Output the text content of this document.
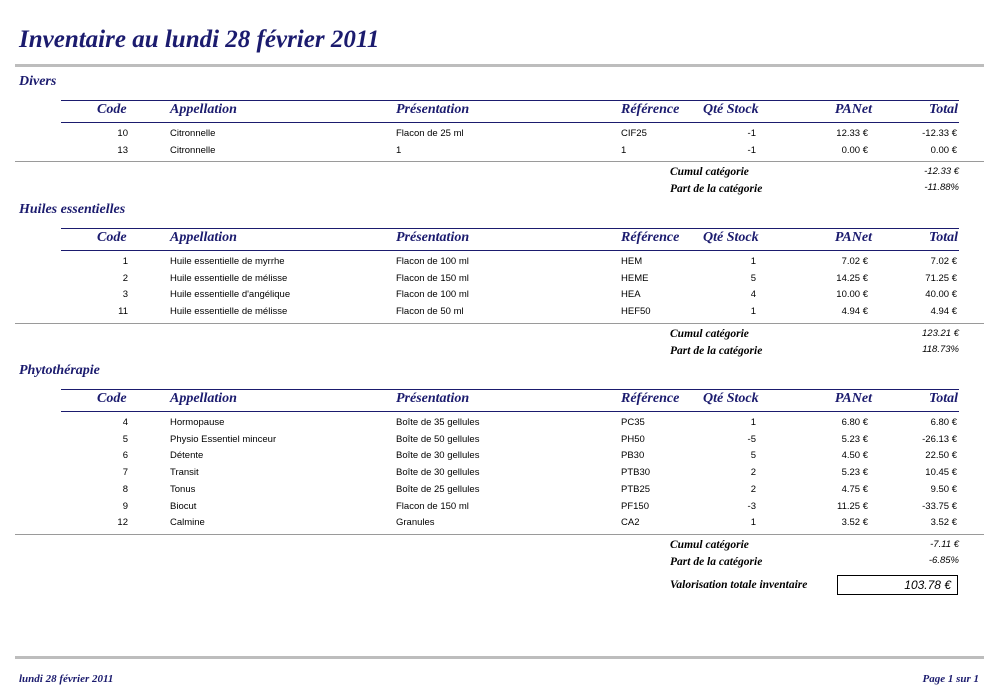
Inventaire au lundi 28 février 2011
Divers
Code	Appellation	Présentation	Référence Qté Stock	PANet	Total
10	Citronnelle	Flacon de 25 ml	CIF25	-1	12.33 €	-12.33 €
13	Citronnelle	1	1	-1	0.00 €	0.00 €
Cumul catégorie	-12.33 €
Part de la catégorie	-11.88%
Huiles essentielles
Code	Appellation	Présentation	Référence Qté Stock	PANet	Total
1	Huile essentielle de myrrhe	Flacon de 100 ml	HEM	1	7.02 €	7.02 €
2	Huile essentielle de mélisse	Flacon de 150 ml	HEME	5	14.25 €	71.25 €
3	Huile essentielle d'angélique	Flacon de 100 ml	HEA	4	10.00 €	40.00 €
11	Huile essentielle de mélisse	Flacon de 50 ml	HEF50	1	4.94 €	4.94 €
Cumul catégorie	123.21 €
Part de la catégorie	118.73%
Phytothérapie
Code	Appellation	Présentation	Référence Qté Stock	PANet	Total
4	Hormopause	Boîte de 35 gellules	PC35	1	6.80 €	6.80 €
5	Physio Essentiel minceur	Boîte de 50 gellules	PH50	-5	5.23 €	-26.13 €
6	Détente	Boîte de 30 gellules	PB30	5	4.50 €	22.50 €
7	Transit	Boîte de 30 gellules	PTB30	2	5.23 €	10.45 €
8	Tonus	Boîte de 25 gellules	PTB25	2	4.75 €	9.50 €
9	Biocut	Flacon de 150 ml	PF150	-3	11.25 €	-33.75 €
12	Calmine	Granules	CA2	1	3.52 €	3.52 €
Cumul catégorie	-7.11 €
Part de la catégorie	-6.85%
Valorisation totale inventaire	103.78 €
lundi 28 février 2011	Page 1 sur 1
